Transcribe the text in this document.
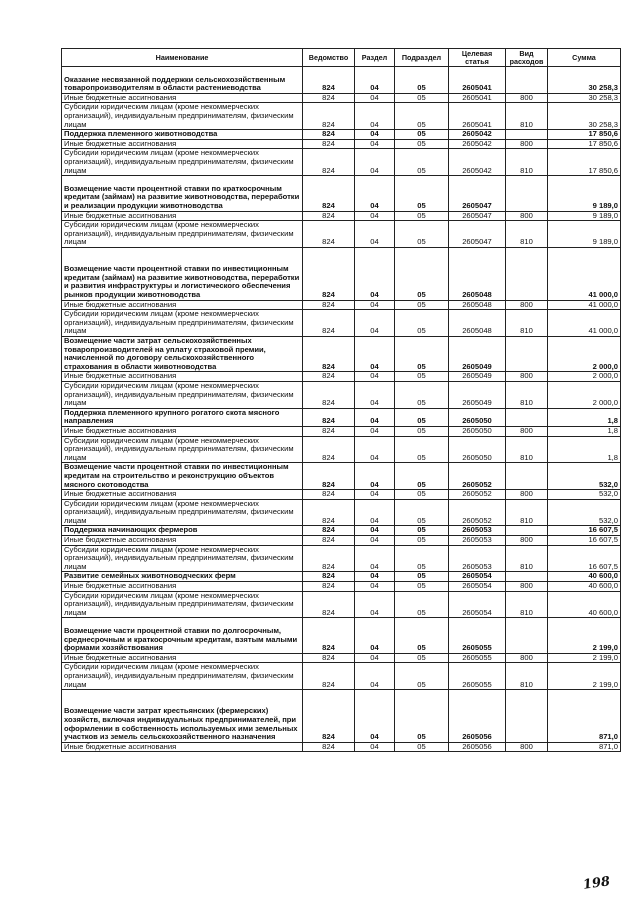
Наименование	Ведомство	Раздел	Подраздел	Целевая статья	Вид расходов	Сумма
Оказание несвязанной поддержки сельскохозяйственным товаропроизводителям в области растениеводства	824	04	05	2605041		30 258,3
Иные бюджетные ассигнования	824	04	05	2605041	800	30 258,3
Субсидии юридическим лицам (кроме некоммерческих организаций), индивидуальным предпринимателям, физическим лицам	824	04	05	2605041	810	30 258,3
Поддержка племенного животноводства	824	04	05	2605042		17 850,6
Иные бюджетные ассигнования	824	04	05	2605042	800	17 850,6
Субсидии юридическим лицам (кроме некоммерческих организаций), индивидуальным предпринимателям, физическим лицам	824	04	05	2605042	810	17 850,6
Возмещение части процентной ставки по краткосрочным кредитам (займам) на развитие животноводства, переработки и реализации продукции животноводства	824	04	05	2605047		9 189,0
Иные бюджетные ассигнования	824	04	05	2605047	800	9 189,0
Субсидии юридическим лицам (кроме некоммерческих организаций), индивидуальным предпринимателям, физическим лицам	824	04	05	2605047	810	9 189,0
Возмещение части процентной ставки по инвестиционным кредитам (займам) на развитие животноводства, переработки и развития инфраструктуры и логистического обеспечения рынков продукции животноводства	824	04	05	2605048		41 000,0
Иные бюджетные ассигнования	824	04	05	2605048	800	41 000,0
Субсидии юридическим лицам (кроме некоммерческих организаций), индивидуальным предпринимателям, физическим лицам	824	04	05	2605048	810	41 000,0
Возмещение части затрат сельскохозяйственных товаропроизводителей на уплату страховой премии, начисленной по договору сельскохозяйственного страхования в области животноводства	824	04	05	2605049		2 000,0
Иные бюджетные ассигнования	824	04	05	2605049	800	2 000,0
Субсидии юридическим лицам (кроме некоммерческих организаций), индивидуальным предпринимателям, физическим лицам	824	04	05	2605049	810	2 000,0
Поддержка племенного крупного рогатого скота мясного направления	824	04	05	2605050		1,8
Иные бюджетные ассигнования	824	04	05	2605050	800	1,8
Субсидии юридическим лицам (кроме некоммерческих организаций), индивидуальным предпринимателям, физическим лицам	824	04	05	2605050	810	1,8
Возмещение части процентной ставки по инвестиционным кредитам на строительство и реконструкцию объектов мясного скотоводства	824	04	05	2605052		532,0
Иные бюджетные ассигнования	824	04	05	2605052	800	532,0
Субсидии юридическим лицам (кроме некоммерческих организаций), индивидуальным предпринимателям, физическим лицам	824	04	05	2605052	810	532,0
Поддержка начинающих фермеров	824	04	05	2605053		16 607,5
Иные бюджетные ассигнования	824	04	05	2605053	800	16 607,5
Субсидии юридическим лицам (кроме некоммерческих организаций), индивидуальным предпринимателям, физическим лицам	824	04	05	2605053	810	16 607,5
Развитие семейных животноводческих ферм	824	04	05	2605054		40 600,0
Иные бюджетные ассигнования	824	04	05	2605054	800	40 600,0
Субсидии юридическим лицам (кроме некоммерческих организаций), индивидуальным предпринимателям, физическим лицам	824	04	05	2605054	810	40 600,0
Возмещение части процентной ставки по долгосрочным, среднесрочным и краткосрочным кредитам, взятым малыми формами хозяйствования	824	04	05	2605055		2 199,0
Иные бюджетные ассигнования	824	04	05	2605055	800	2 199,0
Субсидии юридическим лицам (кроме некоммерческих организаций), индивидуальным предпринимателям, физическим лицам	824	04	05	2605055	810	2 199,0
Возмещение части затрат крестьянских (фермерских) хозяйств, включая индивидуальных предпринимателей, при оформлении в собственность используемых ими земельных участков из земель сельскохозяйственного назначения	824	04	05	2605056		871,0
Иные бюджетные ассигнования	824	04	05	2605056	800	871,0
198
